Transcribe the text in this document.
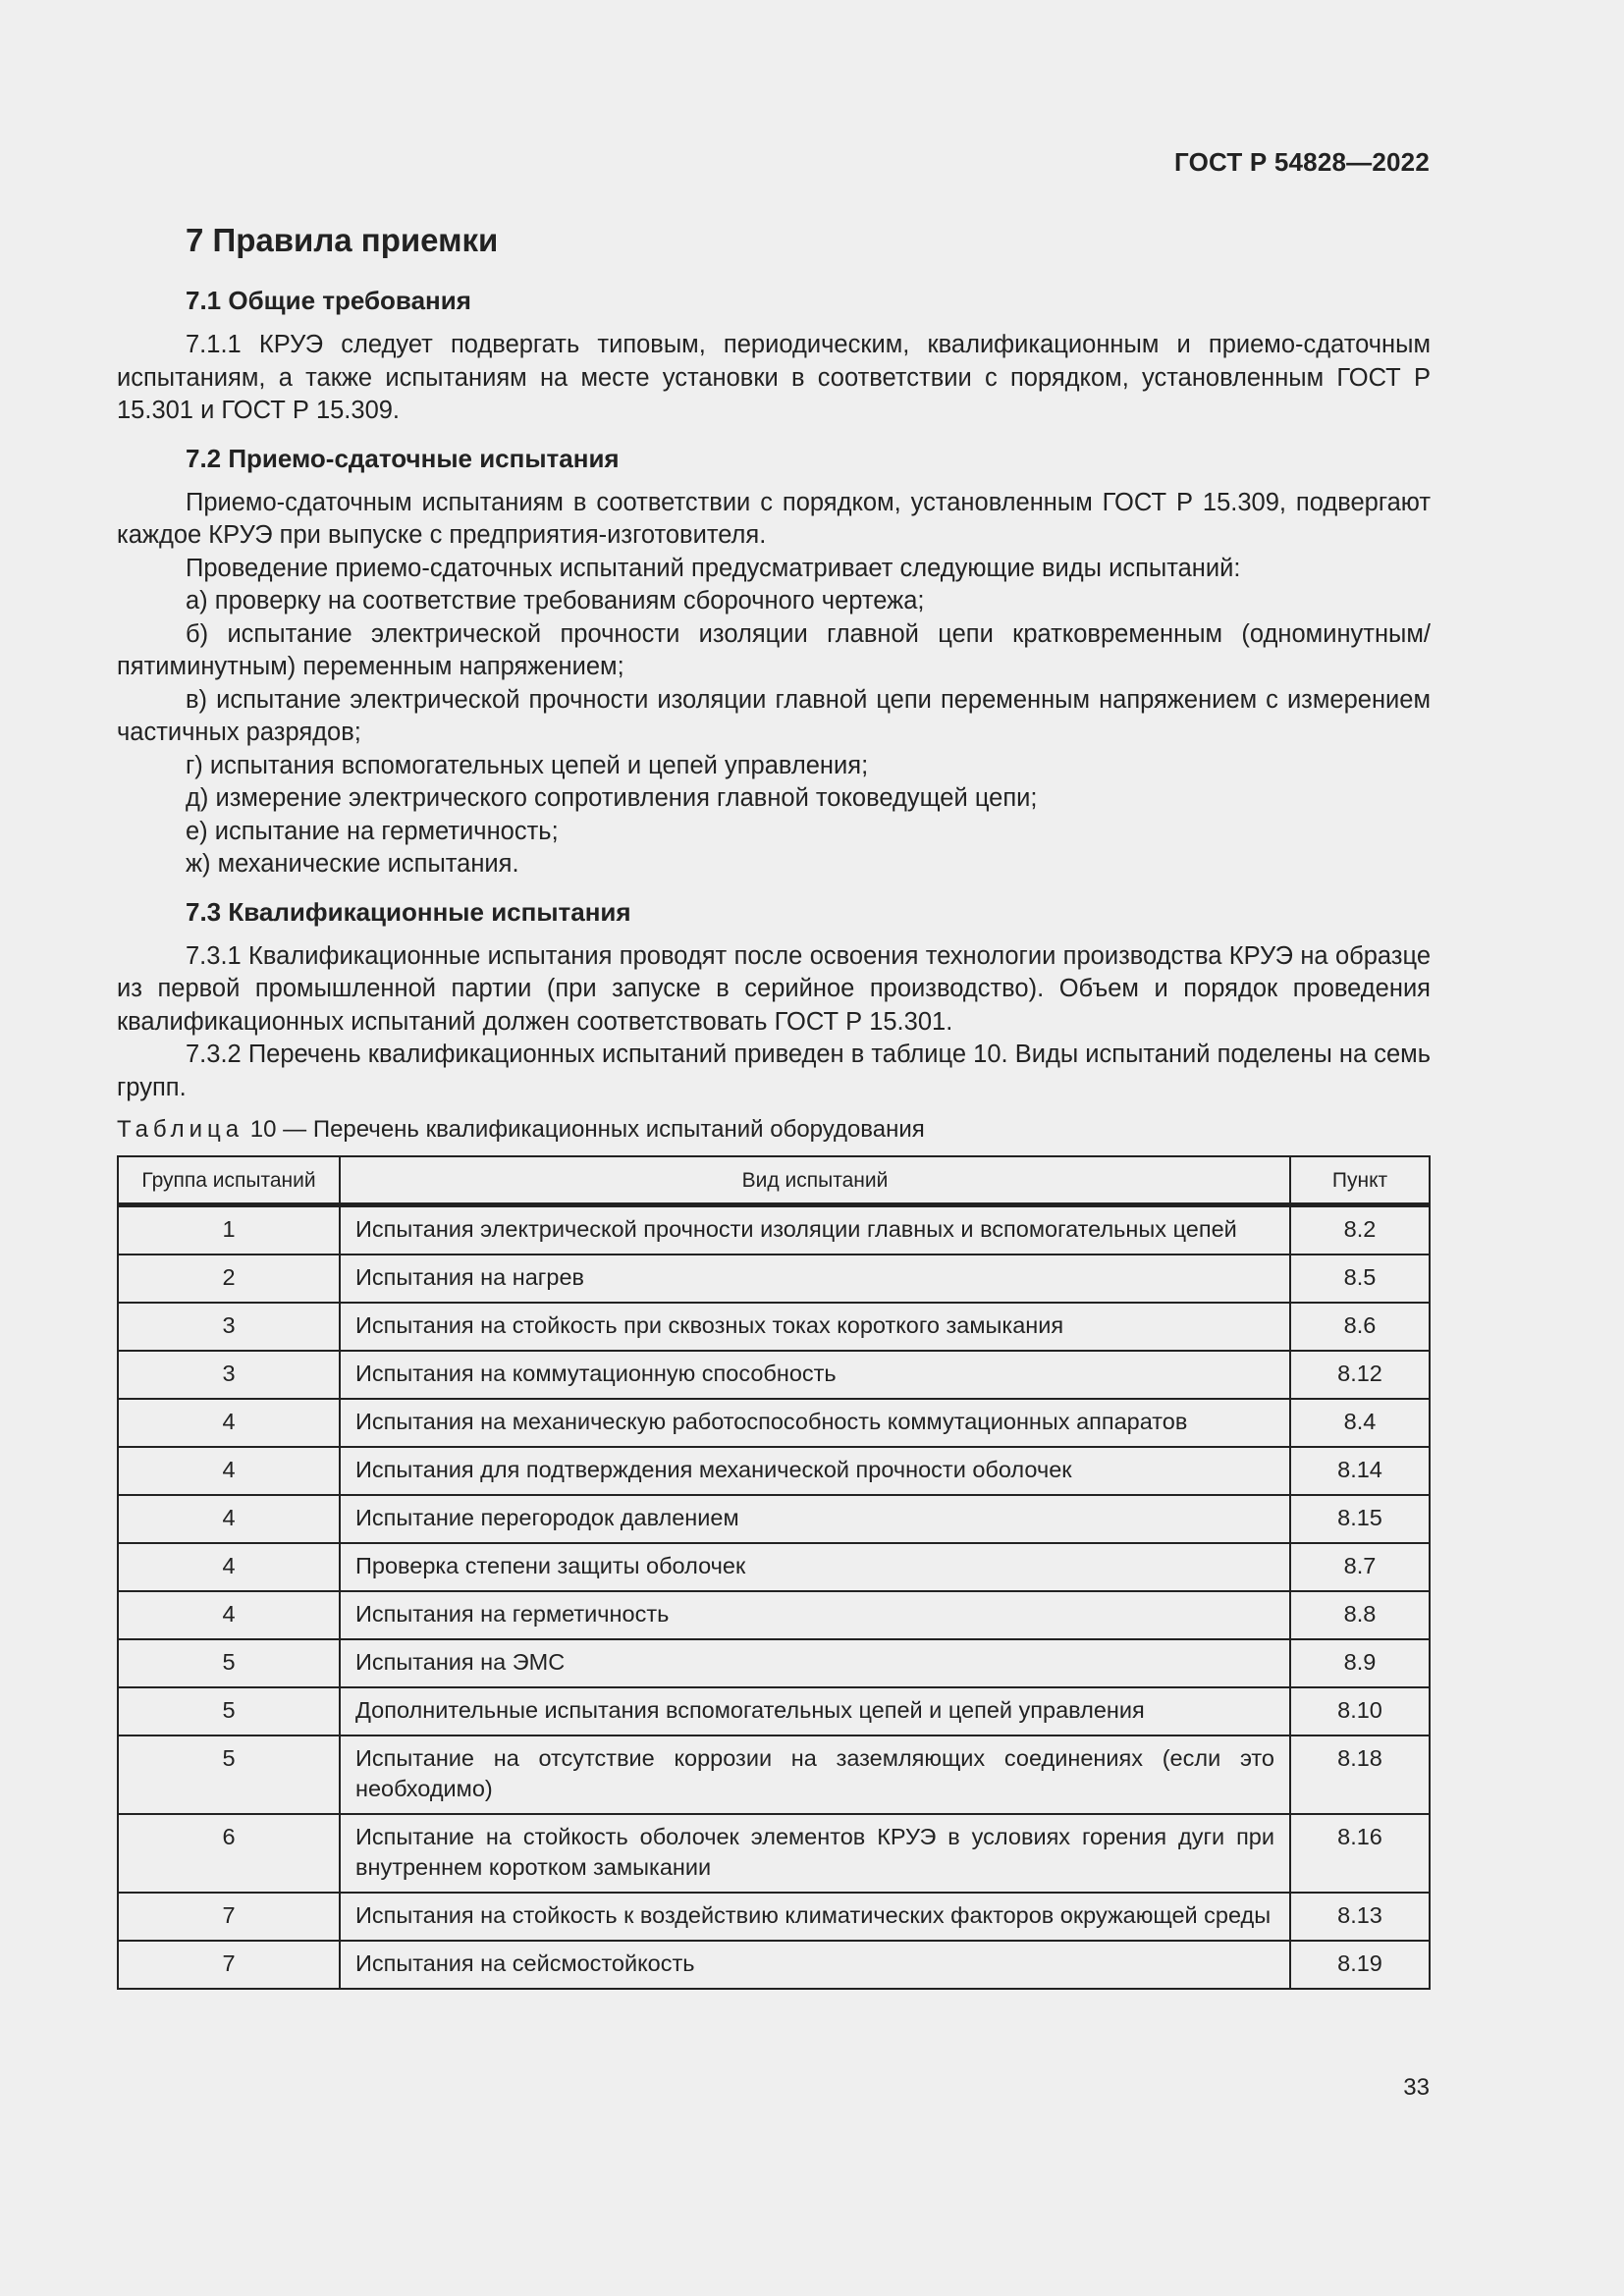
ГОСТ Р 54828—2022
7 Правила приемки
7.1 Общие требования

7.1.1 КРУЭ следует подвергать типовым, периодическим, квалификационным и приемо-сдаточным испытаниям, а также испытаниям на месте установки в соответствии с порядком, установленным ГОСТ Р 15.301 и ГОСТ Р 15.309.

7.2 Приемо-сдаточные испытания

Приемо-сдаточным испытаниям в соответствии с порядком, установленным ГОСТ Р 15.309, подвергают каждое КРУЭ при выпуске с предприятия-изготовителя.

Проведение приемо-сдаточных испытаний предусматривает следующие виды испытаний:

а) проверку на соответствие требованиям сборочного чертежа;

б) испытание электрической прочности изоляции главной цепи кратковременным (одноминутным/пятиминутным) переменным напряжением;

в) испытание электрической прочности изоляции главной цепи переменным напряжением с измерением частичных разрядов;

г) испытания вспомогательных цепей и цепей управления;

д) измерение электрического сопротивления главной токоведущей цепи;

е) испытание на герметичность;

ж) механические испытания.

7.3 Квалификационные испытания

7.3.1 Квалификационные испытания проводят после освоения технологии производства КРУЭ на образце из первой промышленной партии (при запуске в серийное производство). Объем и порядок проведения квалификационных испытаний должен соответствовать ГОСТ Р 15.301.

7.3.2 Перечень квалификационных испытаний приведен в таблице 10. Виды испытаний поделены на семь групп.

Таблица 10 — Перечень квалификационных испытаний оборудования
Группа испытаний	Вид испытаний	Пункт
1	Испытания электрической прочности изоляции главных и вспомогательных цепей	8.2
2	Испытания на нагрев	8.5
3	Испытания на стойкость при сквозных токах короткого замыкания	8.6
3	Испытания на коммутационную способность	8.12
4	Испытания на механическую работоспособность коммутационных аппаратов	8.4
4	Испытания для подтверждения механической прочности оболочек	8.14
4	Испытание перегородок давлением	8.15
4	Проверка степени защиты оболочек	8.7
4	Испытания на герметичность	8.8
5	Испытания на ЭМС	8.9
5	Дополнительные испытания вспомогательных цепей и цепей управления	8.10
5	Испытание на отсутствие коррозии на заземляющих соединениях (если это необходимо)	8.18
6	Испытание на стойкость оболочек элементов КРУЭ в условиях горения дуги при внутреннем коротком замыкании	8.16
7	Испытания на стойкость к воздействию климатических факторов окружающей среды	8.13
7	Испытания на сейсмостойкость	8.19
33
